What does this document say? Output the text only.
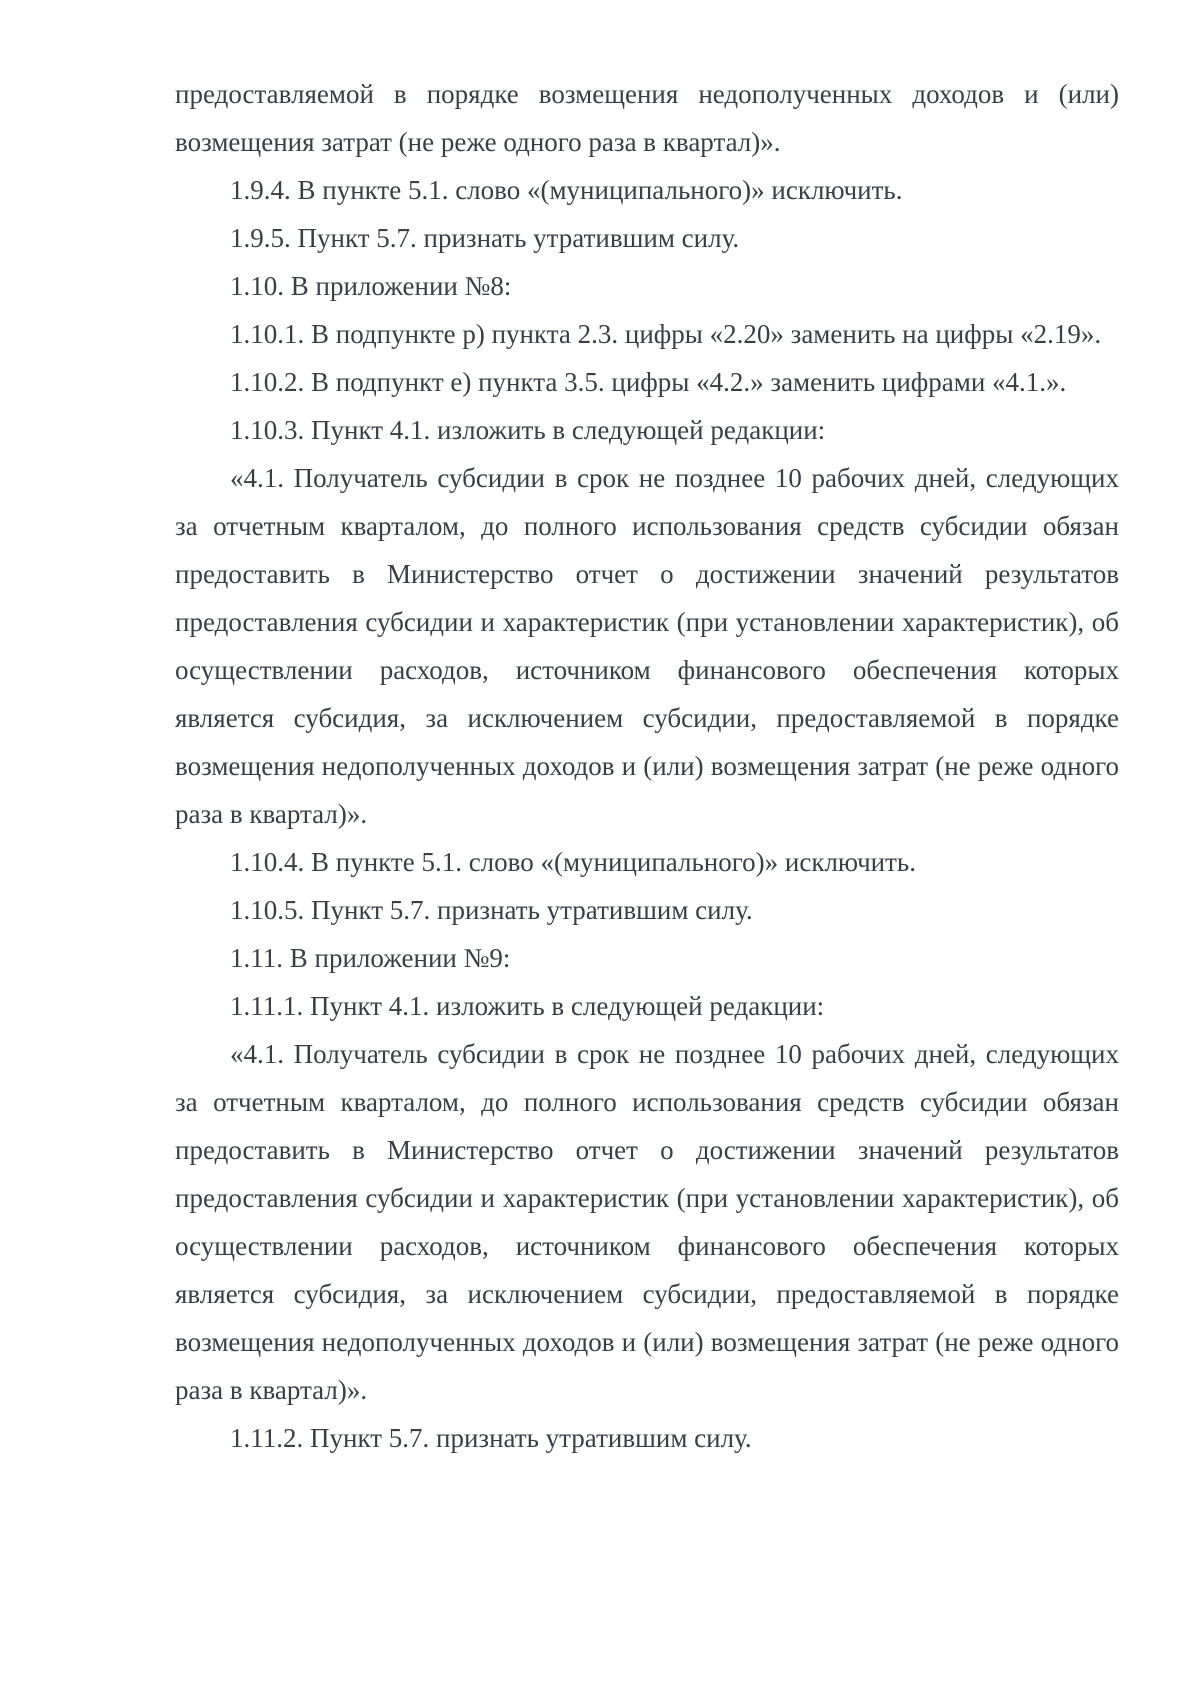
предоставляемой в порядке возмещения недополученных доходов и (или) возмещения затрат (не реже одного раза в квартал)».

1.9.4. В пункте 5.1. слово «(муниципального)» исключить.

1.9.5. Пункт 5.7. признать утратившим силу.

1.10. В приложении №8:

1.10.1. В подпункте р) пункта 2.3. цифры «2.20» заменить на цифры «2.19».

1.10.2. В подпункт е) пункта 3.5. цифры «4.2.» заменить цифрами «4.1.».

1.10.3. Пункт 4.1. изложить в следующей редакции:

«4.1. Получатель субсидии в срок не позднее 10 рабочих дней, следующих за отчетным кварталом, до полного использования средств субсидии обязан предоставить в Министерство отчет о достижении значений результатов предоставления субсидии и характеристик (при установлении характеристик), об осуществлении расходов, источником финансового обеспечения которых является субсидия, за исключением субсидии, предоставляемой в порядке возмещения недополученных доходов и (или) возмещения затрат (не реже одного раза в квартал)».

1.10.4. В пункте 5.1. слово «(муниципального)» исключить.

1.10.5. Пункт 5.7. признать утратившим силу.

1.11. В приложении №9:

1.11.1. Пункт 4.1. изложить в следующей редакции:

«4.1. Получатель субсидии в срок не позднее 10 рабочих дней, следующих за отчетным кварталом, до полного использования средств субсидии обязан предоставить в Министерство отчет о достижении значений результатов предоставления субсидии и характеристик (при установлении характеристик), об осуществлении расходов, источником финансового обеспечения которых является субсидия, за исключением субсидии, предоставляемой в порядке возмещения недополученных доходов и (или) возмещения затрат (не реже одного раза в квартал)».

1.11.2. Пункт 5.7. признать утратившим силу.
